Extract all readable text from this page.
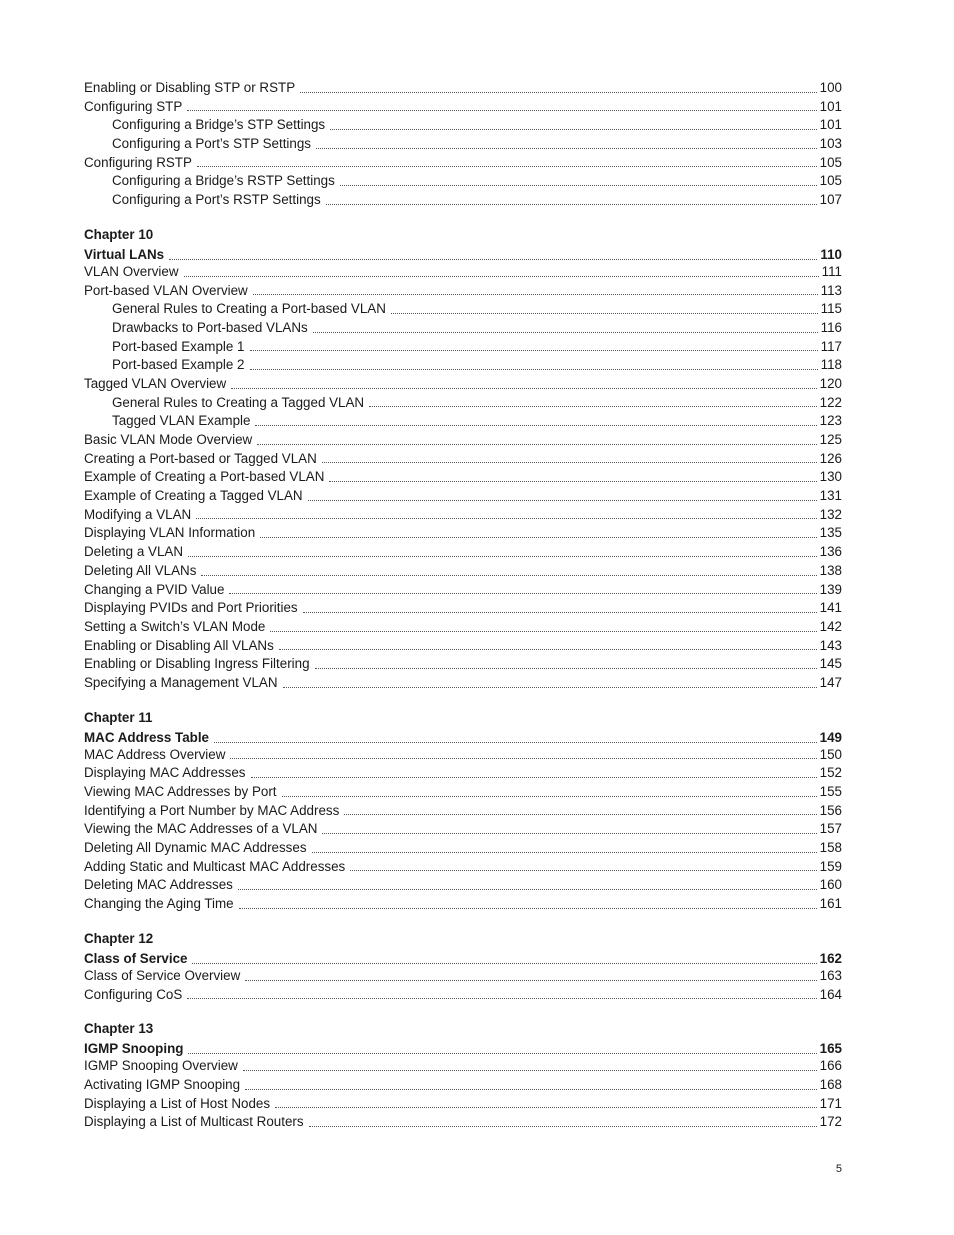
Enabling or Disabling STP or RSTP	100
Configuring STP	101
Configuring a Bridge’s STP Settings	101
Configuring a Port’s STP Settings	103
Configuring RSTP	105
Configuring a Bridge’s RSTP Settings	105
Configuring a Port’s RSTP Settings	107
Chapter 10
Virtual LANs	110
VLAN Overview	111
Port-based VLAN Overview	113
General Rules to Creating a Port-based VLAN	115
Drawbacks to Port-based VLANs	116
Port-based Example 1	117
Port-based Example 2	118
Tagged VLAN Overview	120
General Rules to Creating a Tagged VLAN	122
Tagged VLAN Example	123
Basic VLAN Mode Overview	125
Creating a Port-based or Tagged VLAN	126
Example of Creating a Port-based VLAN	130
Example of Creating a Tagged VLAN	131
Modifying a VLAN	132
Displaying VLAN Information	135
Deleting a VLAN	136
Deleting All VLANs	138
Changing a PVID Value	139
Displaying PVIDs and Port Priorities	141
Setting a Switch’s VLAN Mode	142
Enabling or Disabling All VLANs	143
Enabling or Disabling Ingress Filtering	145
Specifying a Management VLAN	147
Chapter 11
MAC Address Table	149
MAC Address Overview	150
Displaying MAC Addresses	152
Viewing MAC Addresses by Port	155
Identifying a Port Number by MAC Address	156
Viewing the MAC Addresses of a VLAN	157
Deleting All Dynamic MAC Addresses	158
Adding Static and Multicast MAC Addresses	159
Deleting MAC Addresses	160
Changing the Aging Time	161
Chapter 12
Class of Service	162
Class of Service Overview	163
Configuring CoS	164
Chapter 13
IGMP Snooping	165
IGMP Snooping Overview	166
Activating IGMP Snooping	168
Displaying a List of Host Nodes	171
Displaying a List of Multicast Routers	172
5
